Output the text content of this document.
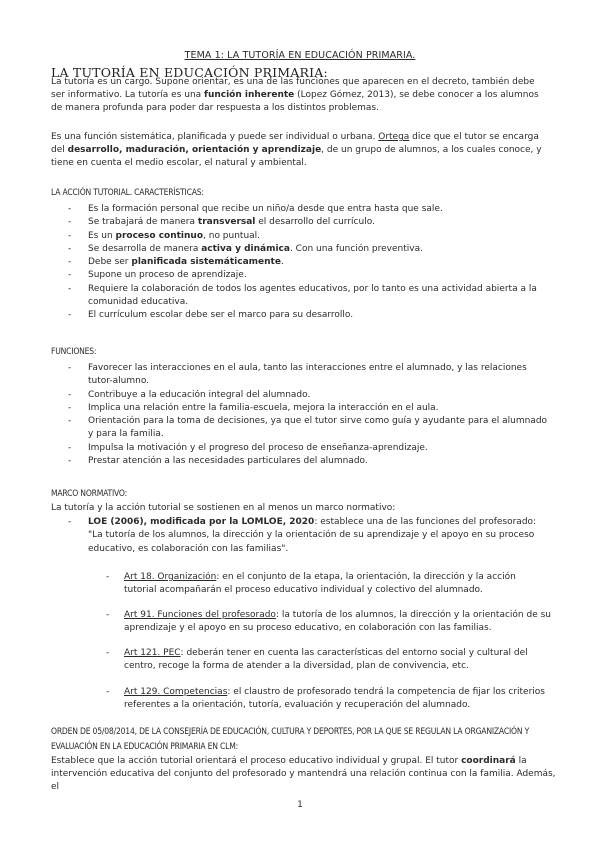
TEMA 1: LA TUTORÍA EN EDUCACIÓN PRIMARIA.
LA TUTORÍA EN EDUCACIÓN PRIMARIA:

La tutoría es un cargo. Supone orientar, es una de las funciones que aparecen en el decreto, también debe ser informativo. La tutoría es una función inherente (Lopez Gómez, 2013), se debe conocer a los alumnos de manera profunda para poder dar respuesta a los distintos problemas.

Es una función sistemática, planificada y puede ser individual o urbana. Ortega dice que el tutor se encarga del desarrollo, maduración, orientación y aprendizaje, de un grupo de alumnos, a los cuales conoce, y tiene en cuenta el medio escolar, el natural y ambiental.

LA ACCIÓN TUTORIAL. CARACTERÍSTICAS:
- Es la formación personal que recibe un niño/a desde que entra hasta que sale.
- Se trabajará de manera transversal el desarrollo del currículo.
- Es un proceso continuo, no puntual.
- Se desarrolla de manera activa y dinámica. Con una función preventiva.
- Debe ser planificada sistemáticamente.
- Supone un proceso de aprendizaje.
- Requiere la colaboración de todos los agentes educativos, por lo tanto es una actividad abierta a la comunidad educativa.
- El currículum escolar debe ser el marco para su desarrollo.
FUNCIONES:
- Favorecer las interacciones en el aula, tanto las interacciones entre el alumnado, y las relaciones tutor-alumno.
- Contribuye a la educación integral del alumnado.
- Implica una relación entre la familia-escuela, mejora la interacción en el aula.
- Orientación para la toma de decisiones, ya que el tutor sirve como guía y ayudante para el alumnado y para la familia.
- Impulsa la motivación y el progreso del proceso de enseñanza-aprendizaje.
- Prestar atención a las necesidades particulares del alumnado.
MARCO NORMATIVO:

La tutoría y la acción tutorial se sostienen en al menos un marco normativo:

- LOE (2006), modificada por la LOMLOE, 2020: establece una de las funciones del profesorado: "La tutoría de los alumnos, la dirección y la orientación de su aprendizaje y el apoyo en su proceso educativo, es colaboración con las familias".
- Art 18. Organización: en el conjunto de la etapa, la orientación, la dirección y la acción tutorial acompañarán el proceso educativo individual y colectivo del alumnado.
- Art 91. Funciones del profesorado: la tutoría de los alumnos, la dirección y la orientación de su aprendizaje y el apoyo en su proceso educativo, en colaboración con las familias.
- Art 121. PEC: deberán tener en cuenta las características del entorno social y cultural del centro, recoge la forma de atender a la diversidad, plan de convivencia, etc.
- Art 129. Competencias: el claustro de profesorado tendrá la competencia de fijar los criterios referentes a la orientación, tutoría, evaluación y recuperación del alumnado.
ORDEN DE 05/08/2014, DE LA CONSEJERÍA DE EDUCACIÓN, CULTURA Y DEPORTES, POR LA QUE SE REGULAN LA ORGANIZACIÓN Y EVALUACIÓN EN LA EDUCACIÓN PRIMARIA EN CLM:

Establece que la acción tutorial orientará el proceso educativo individual y grupal. El tutor coordinará la intervención educativa del conjunto del profesorado y mantendrá una relación continua con la familia. Además, el

1
